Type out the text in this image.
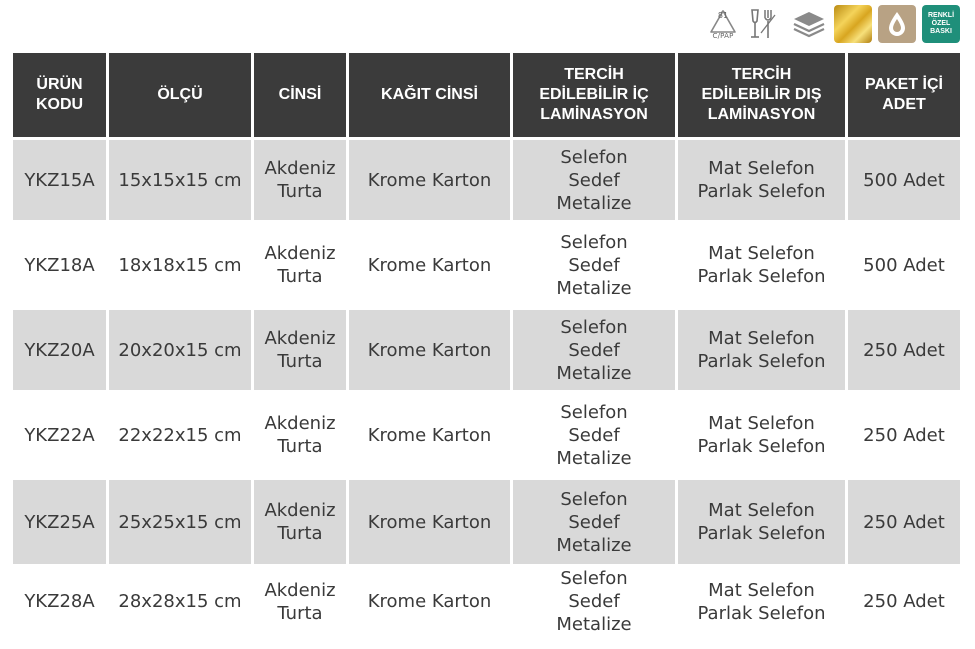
81
C/PAP
RENKLİ
ÖZEL
BASKI
ÜRÜN
KODU	ÖLÇÜ	CİNSİ	KAĞIT CİNSİ	TERCİH
EDİLEBİLİR İÇ
LAMİNASYON	TERCİH
EDİLEBİLİR DIŞ
LAMİNASYON	PAKET İÇİ
ADET
YKZ15A	15x15x15 cm	Akdeniz
Turta	Krome Karton	Selefon
Sedef
Metalize	Mat Selefon
Parlak Selefon	500 Adet
YKZ18A	18x18x15 cm	Akdeniz
Turta	Krome Karton	Selefon
Sedef
Metalize	Mat Selefon
Parlak Selefon	500 Adet
YKZ20A	20x20x15 cm	Akdeniz
Turta	Krome Karton	Selefon
Sedef
Metalize	Mat Selefon
Parlak Selefon	250 Adet
YKZ22A	22x22x15 cm	Akdeniz
Turta	Krome Karton	Selefon
Sedef
Metalize	Mat Selefon
Parlak Selefon	250 Adet
YKZ25A	25x25x15 cm	Akdeniz
Turta	Krome Karton	Selefon
Sedef
Metalize	Mat Selefon
Parlak Selefon	250 Adet
YKZ28A	28x28x15 cm	Akdeniz
Turta	Krome Karton	Selefon
Sedef
Metalize	Mat Selefon
Parlak Selefon	250 Adet
